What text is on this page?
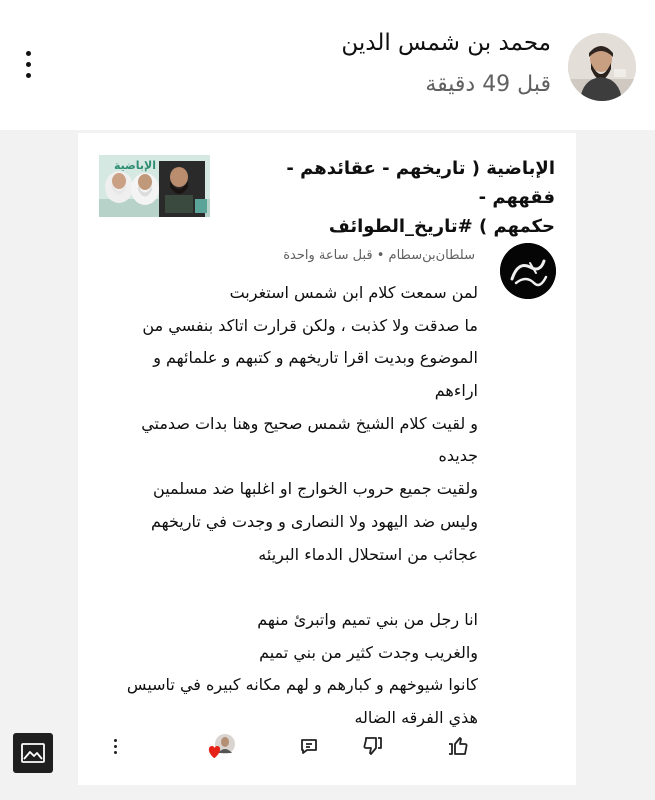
محمد بن شمس الدين
قبل 49 دقيقة
الإباضية ( تاريخهم - عقائدهم - فقههم -
حكمهم ) #تاريخ_الطوائف
الإباضية
سلطان‌بن‌سطام • قبل ساعة واحدة
لمن سمعت كلام ابن شمس استغربت
ما صدقت ولا كذبت ، ولكن قرارت اتاكد بنفسي من
الموضوع وبديت اقرا تاريخهم و كتبهم و علمائهم و
اراءهم
و لقيت كلام الشيخ شمس صحيح وهنا بدات صدمتي
جديده
ولقيت جميع حروب الخوارج او اغلبها ضد مسلمين
وليس ضد اليهود ولا النصارى و وجدت في تاريخهم
عجائب من استحلال الدماء البريئه
انا رجل من بني تميم واتبرئ منهم
والغريب وجدت كثير من بني تميم
كانوا شيوخهم و كبارهم و لهم مكانه كبيره في تاسيس
هذي الفرقه الضاله
